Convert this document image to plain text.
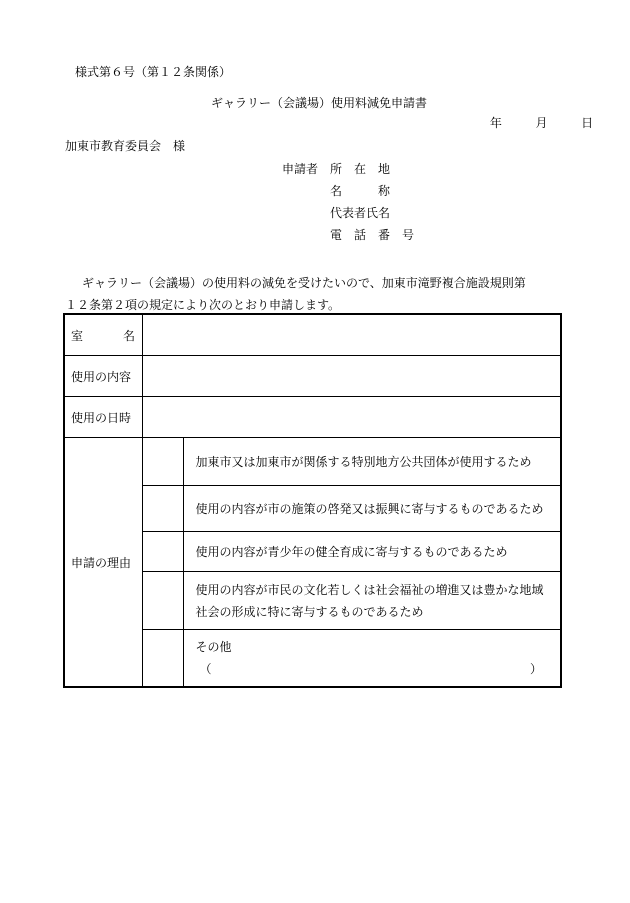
様式第６号（第１２条関係）
ギャラリー（会議場）使用料減免申請書
年	月	日
加東市教育委員会　様
申請者 所　在　地
名　　　称
代表者氏名
電　話　番　号

ギャラリー（会議場）の使用料の減免を受けたいので、加東市滝野複合施設規則第

１２条第２項の規定により次のとおり申請します。

室 名		

使用の内容		
使用の日時		
申請の理由		加東市又は加東市が関係する特別地方公共団体が使用するため
		使用の内容が市の施策の啓発又は振興に寄与するものであるため
		使用の内容が青少年の健全育成に寄与するものであるため
		使用の内容が市民の文化若しくは社会福祉の増進又は豊かな地域社会の形成に特に寄与するものであるため

		その他
（ ）
